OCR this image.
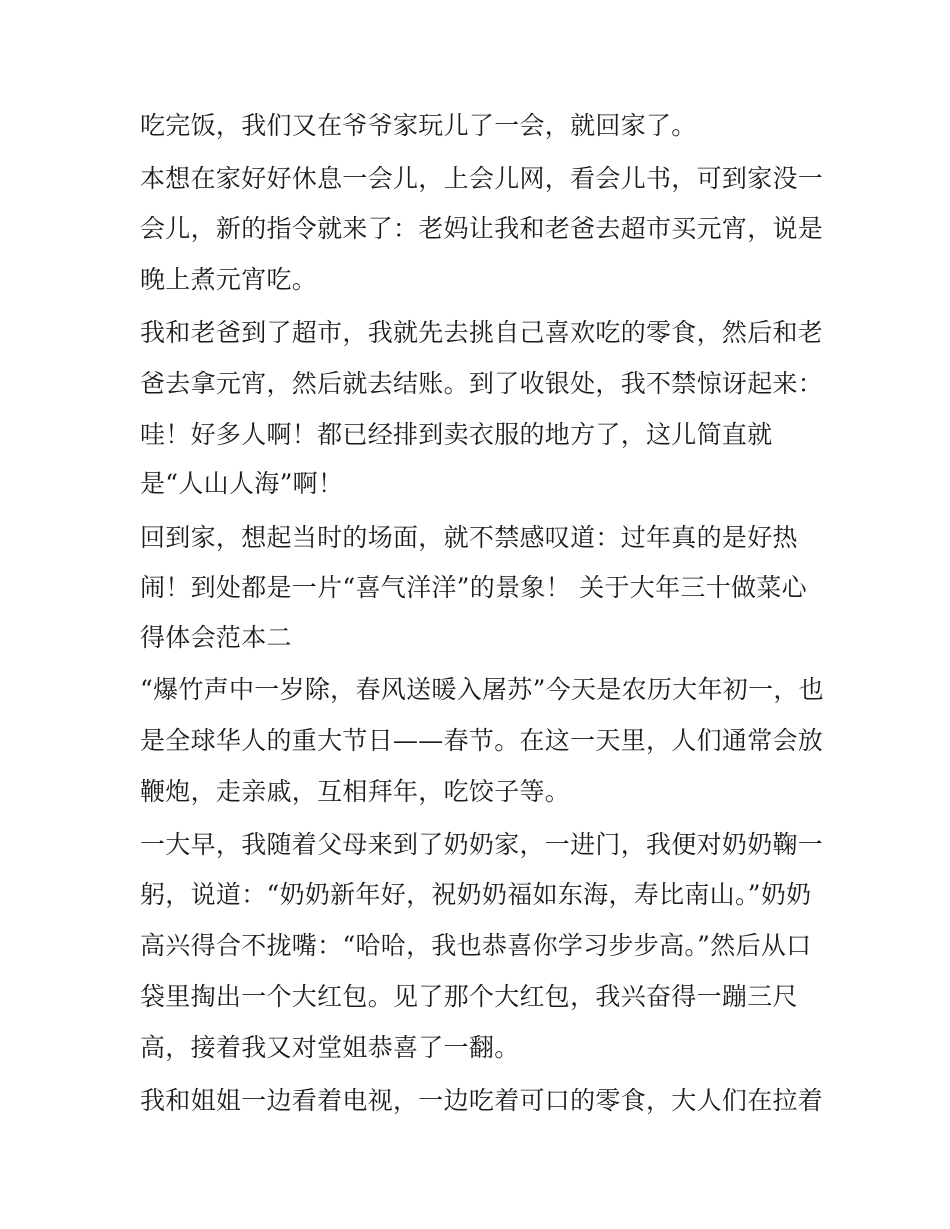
吃完饭，我们又在爷爷家玩儿了一会，就回家了。
本想在家好好休息一会儿，上会儿网，看会儿书，可到家没一
会儿，新的指令就来了：老妈让我和老爸去超市买元宵，说是
晚上煮元宵吃。
我和老爸到了超市，我就先去挑自己喜欢吃的零食，然后和老
爸去拿元宵，然后就去结账。到了收银处，我不禁惊讶起来：
哇！好多人啊！都已经排到卖衣服的地方了，这儿简直就
是“人山人海”啊！
回到家，想起当时的场面，就不禁感叹道：过年真的是好热
闹！到处都是一片“喜气洋洋”的景象！ 关于大年三十做菜心
得体会范本二
“爆竹声中一岁除，春风送暖入屠苏”今天是农历大年初一，也
是全球华人的重大节日——春节。在这一天里，人们通常会放
鞭炮，走亲戚，互相拜年，吃饺子等。
一大早，我随着父母来到了奶奶家，一进门，我便对奶奶鞠一
躬，说道：“奶奶新年好，祝奶奶福如东海，寿比南山。”奶奶
高兴得合不拢嘴：“哈哈，我也恭喜你学习步步高。”然后从口
袋里掏出一个大红包。见了那个大红包，我兴奋得一蹦三尺
高，接着我又对堂姐恭喜了一翻。
我和姐姐一边看着电视，一边吃着可口的零食，大人们在拉着
